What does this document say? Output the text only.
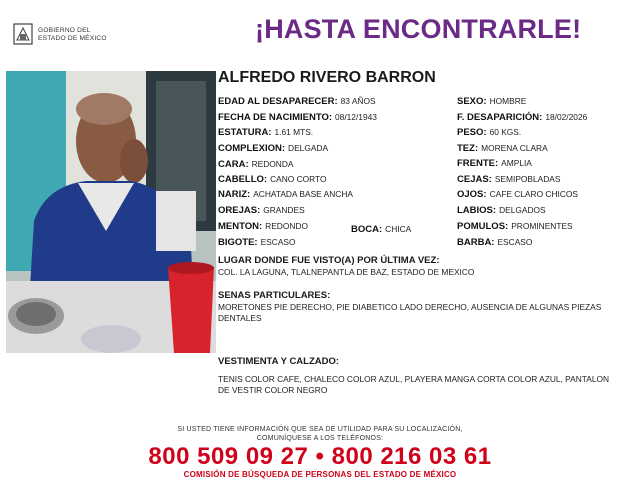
GOBIERNO DEL
ESTADO DE MÉXICO	¡HASTA ENCONTRARLE!
ALFREDO RIVERO BARRON
EDAD AL DESAPARECER: 83 AÑOS
FECHA DE NACIMIENTO: 08/12/1943
ESTATURA: 1.61 MTS.
COMPLEXION: DELGADA
CARA: REDONDA
CABELLO: CANO CORTO
NARIZ: ACHATADA BASE ANCHA
OREJAS: GRANDES
MENTON: REDONDO	BOCA: CHICA
BIGOTE: ESCASO
SEXO: HOMBRE
F. DESAPARICIÓN: 18/02/2026
PESO: 60 KGS.
TEZ: MORENA CLARA
FRENTE: AMPLIA
CEJAS: SEMIPOBLADAS
OJOS: CAFE CLARO CHICOS
LABIOS: DELGADOS
POMULOS: PROMINENTES
BARBA: ESCASO
LUGAR DONDE FUE VISTO(A) POR ÚLTIMA VEZ:
COL. LA LAGUNA, TLALNEPANTLA DE BAZ, ESTADO DE MEXICO
SENAS PARTICULARES:
MORETONES PIE DERECHO, PIE DIABETICO LADO DERECHO, AUSENCIA DE ALGUNAS PIEZAS DENTALES
VESTIMENTA Y CALZADO:
TENIS COLOR CAFE, CHALECO COLOR AZUL, PLAYERA MANGA CORTA COLOR AZUL, PANTALON DE VESTIR COLOR NEGRO
SI USTED TIENE INFORMACIÓN QUE SEA DE UTILIDAD PARA SU LOCALIZACIÓN,
COMUNÍQUESE A LOS TELÉFONOS:
800 509 09 27 • 800 216 03 61
COMISIÓN DE BÚSQUEDA DE PERSONAS DEL ESTADO DE MÉXICO
